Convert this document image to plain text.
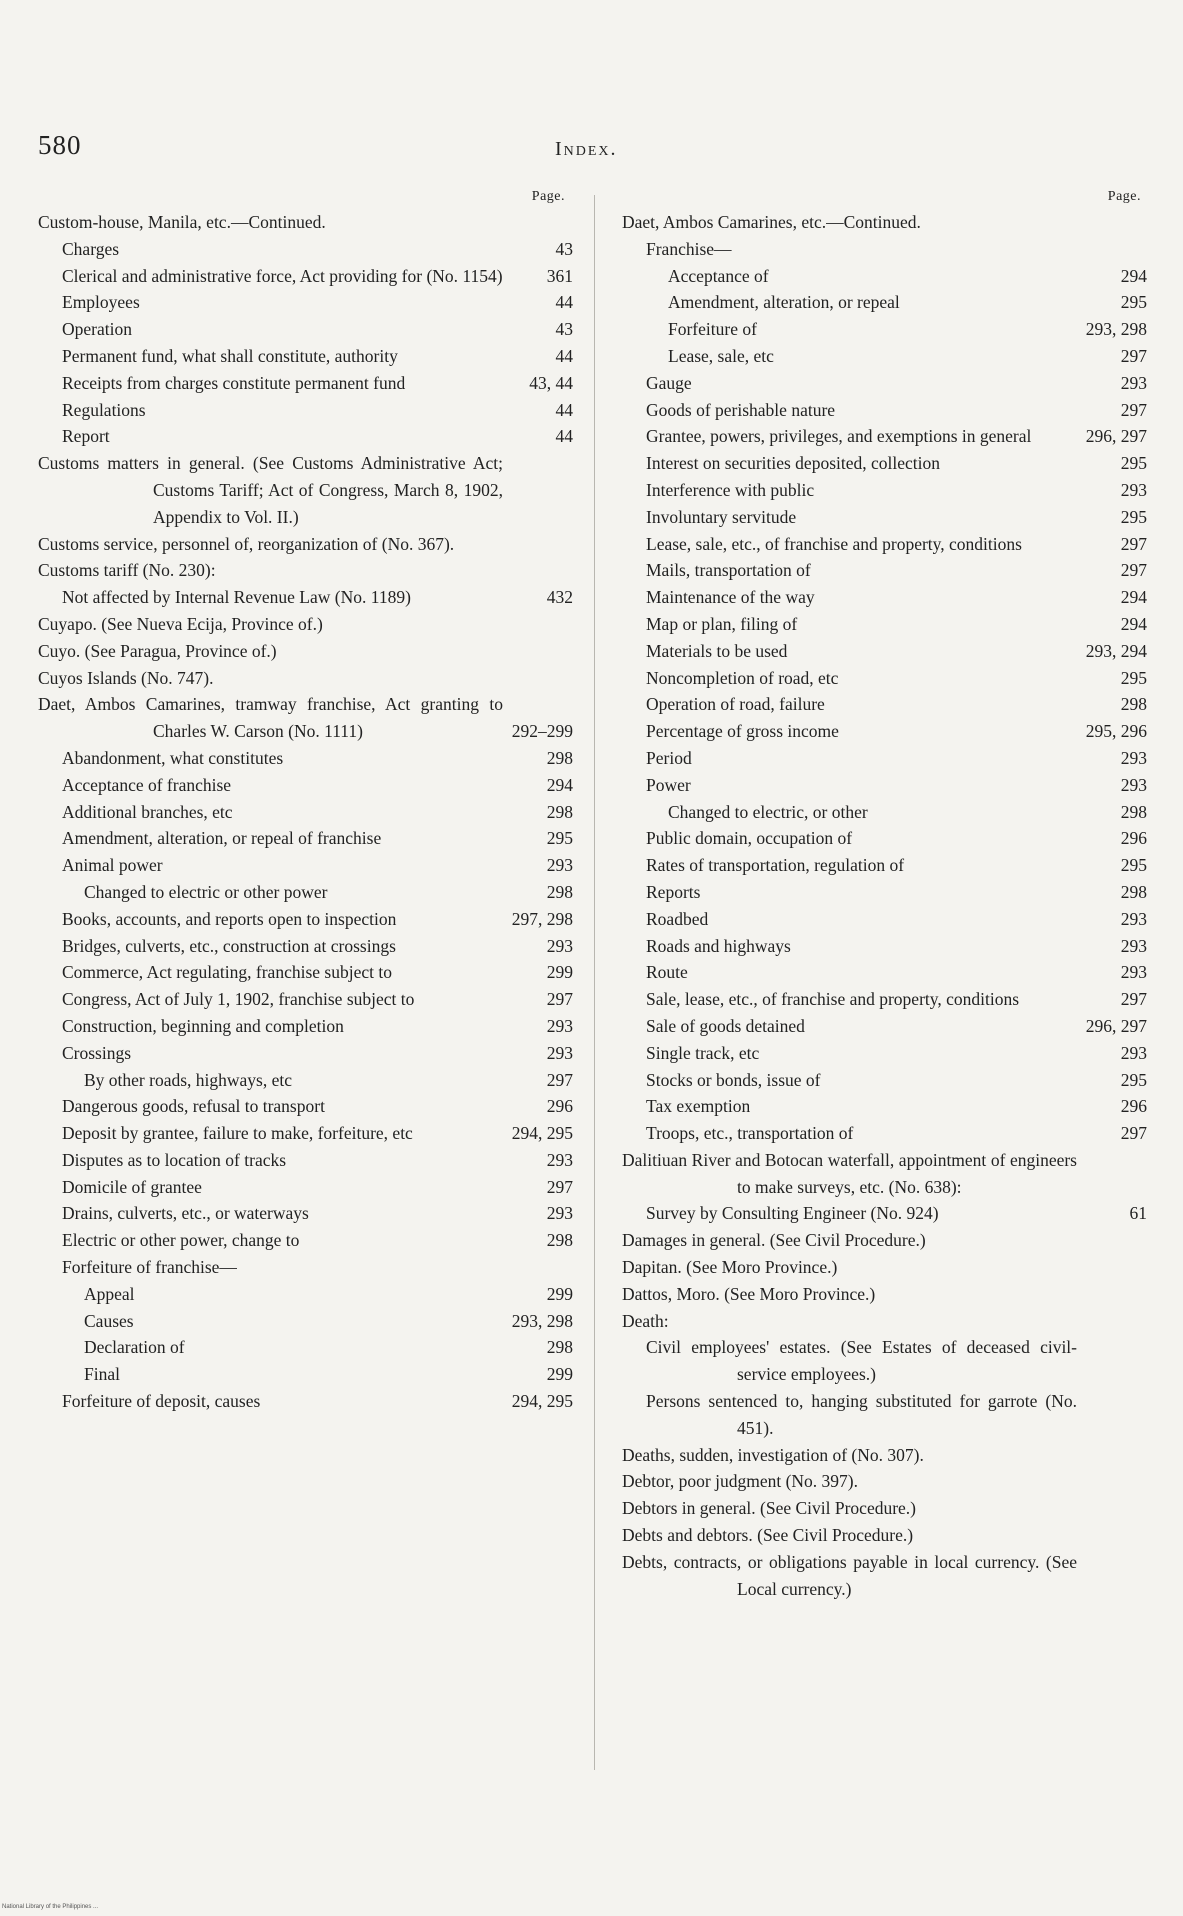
580	Index.
Page.
Custom-house, Manila, etc.—Continued.
Charges	43
Clerical and administrative force, Act providing for (No. 1154)	361
Employees	44
Operation	43
Permanent fund, what shall constitute, authority	44
Receipts from charges constitute permanent fund	43, 44
Regulations	44
Report	44
Customs matters in general. (See Customs Administrative Act; Customs Tariff; Act of Congress, March 8, 1902, Appendix to Vol. II.)
Customs service, personnel of, reorganization of (No. 367).
Customs tariff (No. 230):
Not affected by Internal Revenue Law (No. 1189)	432
Cuyapo. (See Nueva Ecija, Province of.)
Cuyo. (See Paragua, Province of.)
Cuyos Islands (No. 747).
Daet, Ambos Camarines, tramway franchise, Act granting to Charles W. Carson (No. 1111)	292–299
Abandonment, what constitutes	298
Acceptance of franchise	294
Additional branches, etc	298
Amendment, alteration, or repeal of franchise	295
Animal power	293
Changed to electric or other power	298
Books, accounts, and reports open to inspection	297, 298
Bridges, culverts, etc., construction at crossings	293
Commerce, Act regulating, franchise subject to	299
Congress, Act of July 1, 1902, franchise subject to	297
Construction, beginning and completion	293
Crossings	293
By other roads, highways, etc	297
Dangerous goods, refusal to transport	296
Deposit by grantee, failure to make, forfeiture, etc	294, 295
Disputes as to location of tracks	293
Domicile of grantee	297
Drains, culverts, etc., or waterways	293
Electric or other power, change to	298
Forfeiture of franchise—
Appeal	299
Causes	293, 298
Declaration of	298
Final	299
Forfeiture of deposit, causes	294, 295
Page.
Daet, Ambos Camarines, etc.—Continued.
Franchise—
Acceptance of	294
Amendment, alteration, or repeal	295
Forfeiture of	293, 298
Lease, sale, etc	297
Gauge	293
Goods of perishable nature	297
Grantee, powers, privileges, and exemptions in general	296, 297
Interest on securities deposited, collection	295
Interference with public	293
Involuntary servitude	295
Lease, sale, etc., of franchise and property, conditions	297
Mails, transportation of	297
Maintenance of the way	294
Map or plan, filing of	294
Materials to be used	293, 294
Noncompletion of road, etc	295
Operation of road, failure	298
Percentage of gross income	295, 296
Period	293
Power	293
Changed to electric, or other	298
Public domain, occupation of	296
Rates of transportation, regulation of	295
Reports	298
Roadbed	293
Roads and highways	293
Route	293
Sale, lease, etc., of franchise and property, conditions	297
Sale of goods detained	296, 297
Single track, etc	293
Stocks or bonds, issue of	295
Tax exemption	296
Troops, etc., transportation of	297
Dalitiuan River and Botocan waterfall, appointment of engineers to make surveys, etc. (No. 638):
Survey by Consulting Engineer (No. 924)	61
Damages in general. (See Civil Procedure.)
Dapitan. (See Moro Province.)
Dattos, Moro. (See Moro Province.)
Death:
Civil employees' estates. (See Estates of deceased civil-service employees.)
Persons sentenced to, hanging substituted for garrote (No. 451).
Deaths, sudden, investigation of (No. 307).
Debtor, poor judgment (No. 397).
Debtors in general. (See Civil Procedure.)
Debts and debtors. (See Civil Procedure.)
Debts, contracts, or obligations payable in local currency. (See Local currency.)
National Library of the Philippines ...
